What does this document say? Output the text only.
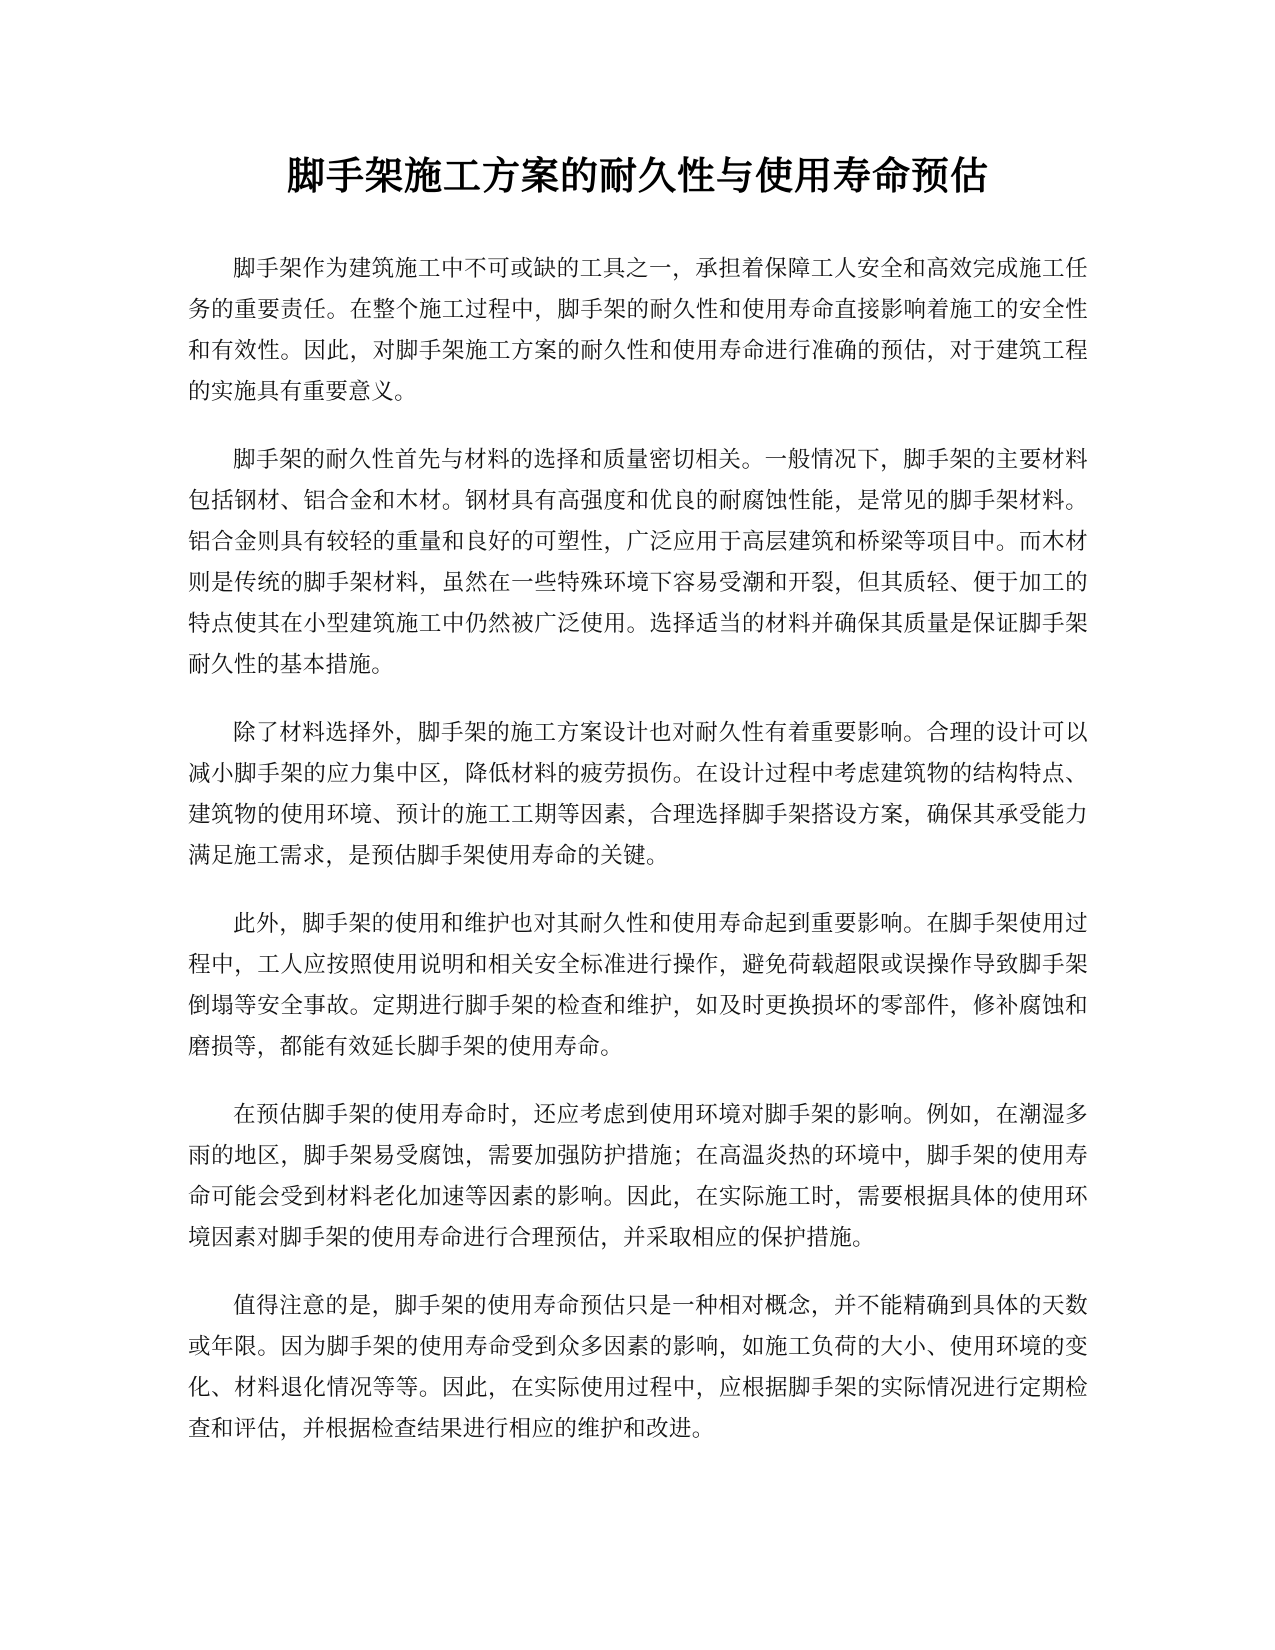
脚手架施工方案的耐久性与使用寿命预估

脚手架作为建筑施工中不可或缺的工具之一，承担着保障工人安全和高效完成施工任务的重要责任。在整个施工过程中，脚手架的耐久性和使用寿命直接影响着施工的安全性和有效性。因此，对脚手架施工方案的耐久性和使用寿命进行准确的预估，对于建筑工程的实施具有重要意义。

脚手架的耐久性首先与材料的选择和质量密切相关。一般情况下，脚手架的主要材料包括钢材、铝合金和木材。钢材具有高强度和优良的耐腐蚀性能，是常见的脚手架材料。铝合金则具有较轻的重量和良好的可塑性，广泛应用于高层建筑和桥梁等项目中。而木材则是传统的脚手架材料，虽然在一些特殊环境下容易受潮和开裂，但其质轻、便于加工的特点使其在小型建筑施工中仍然被广泛使用。选择适当的材料并确保其质量是保证脚手架耐久性的基本措施。

除了材料选择外，脚手架的施工方案设计也对耐久性有着重要影响。合理的设计可以减小脚手架的应力集中区，降低材料的疲劳损伤。在设计过程中考虑建筑物的结构特点、建筑物的使用环境、预计的施工工期等因素，合理选择脚手架搭设方案，确保其承受能力满足施工需求，是预估脚手架使用寿命的关键。

此外，脚手架的使用和维护也对其耐久性和使用寿命起到重要影响。在脚手架使用过程中，工人应按照使用说明和相关安全标准进行操作，避免荷载超限或误操作导致脚手架倒塌等安全事故。定期进行脚手架的检查和维护，如及时更换损坏的零部件，修补腐蚀和磨损等，都能有效延长脚手架的使用寿命。

在预估脚手架的使用寿命时，还应考虑到使用环境对脚手架的影响。例如，在潮湿多雨的地区，脚手架易受腐蚀，需要加强防护措施；在高温炎热的环境中，脚手架的使用寿命可能会受到材料老化加速等因素的影响。因此，在实际施工时，需要根据具体的使用环境因素对脚手架的使用寿命进行合理预估，并采取相应的保护措施。

值得注意的是，脚手架的使用寿命预估只是一种相对概念，并不能精确到具体的天数或年限。因为脚手架的使用寿命受到众多因素的影响，如施工负荷的大小、使用环境的变化、材料退化情况等等。因此，在实际使用过程中，应根据脚手架的实际情况进行定期检查和评估，并根据检查结果进行相应的维护和改进。
